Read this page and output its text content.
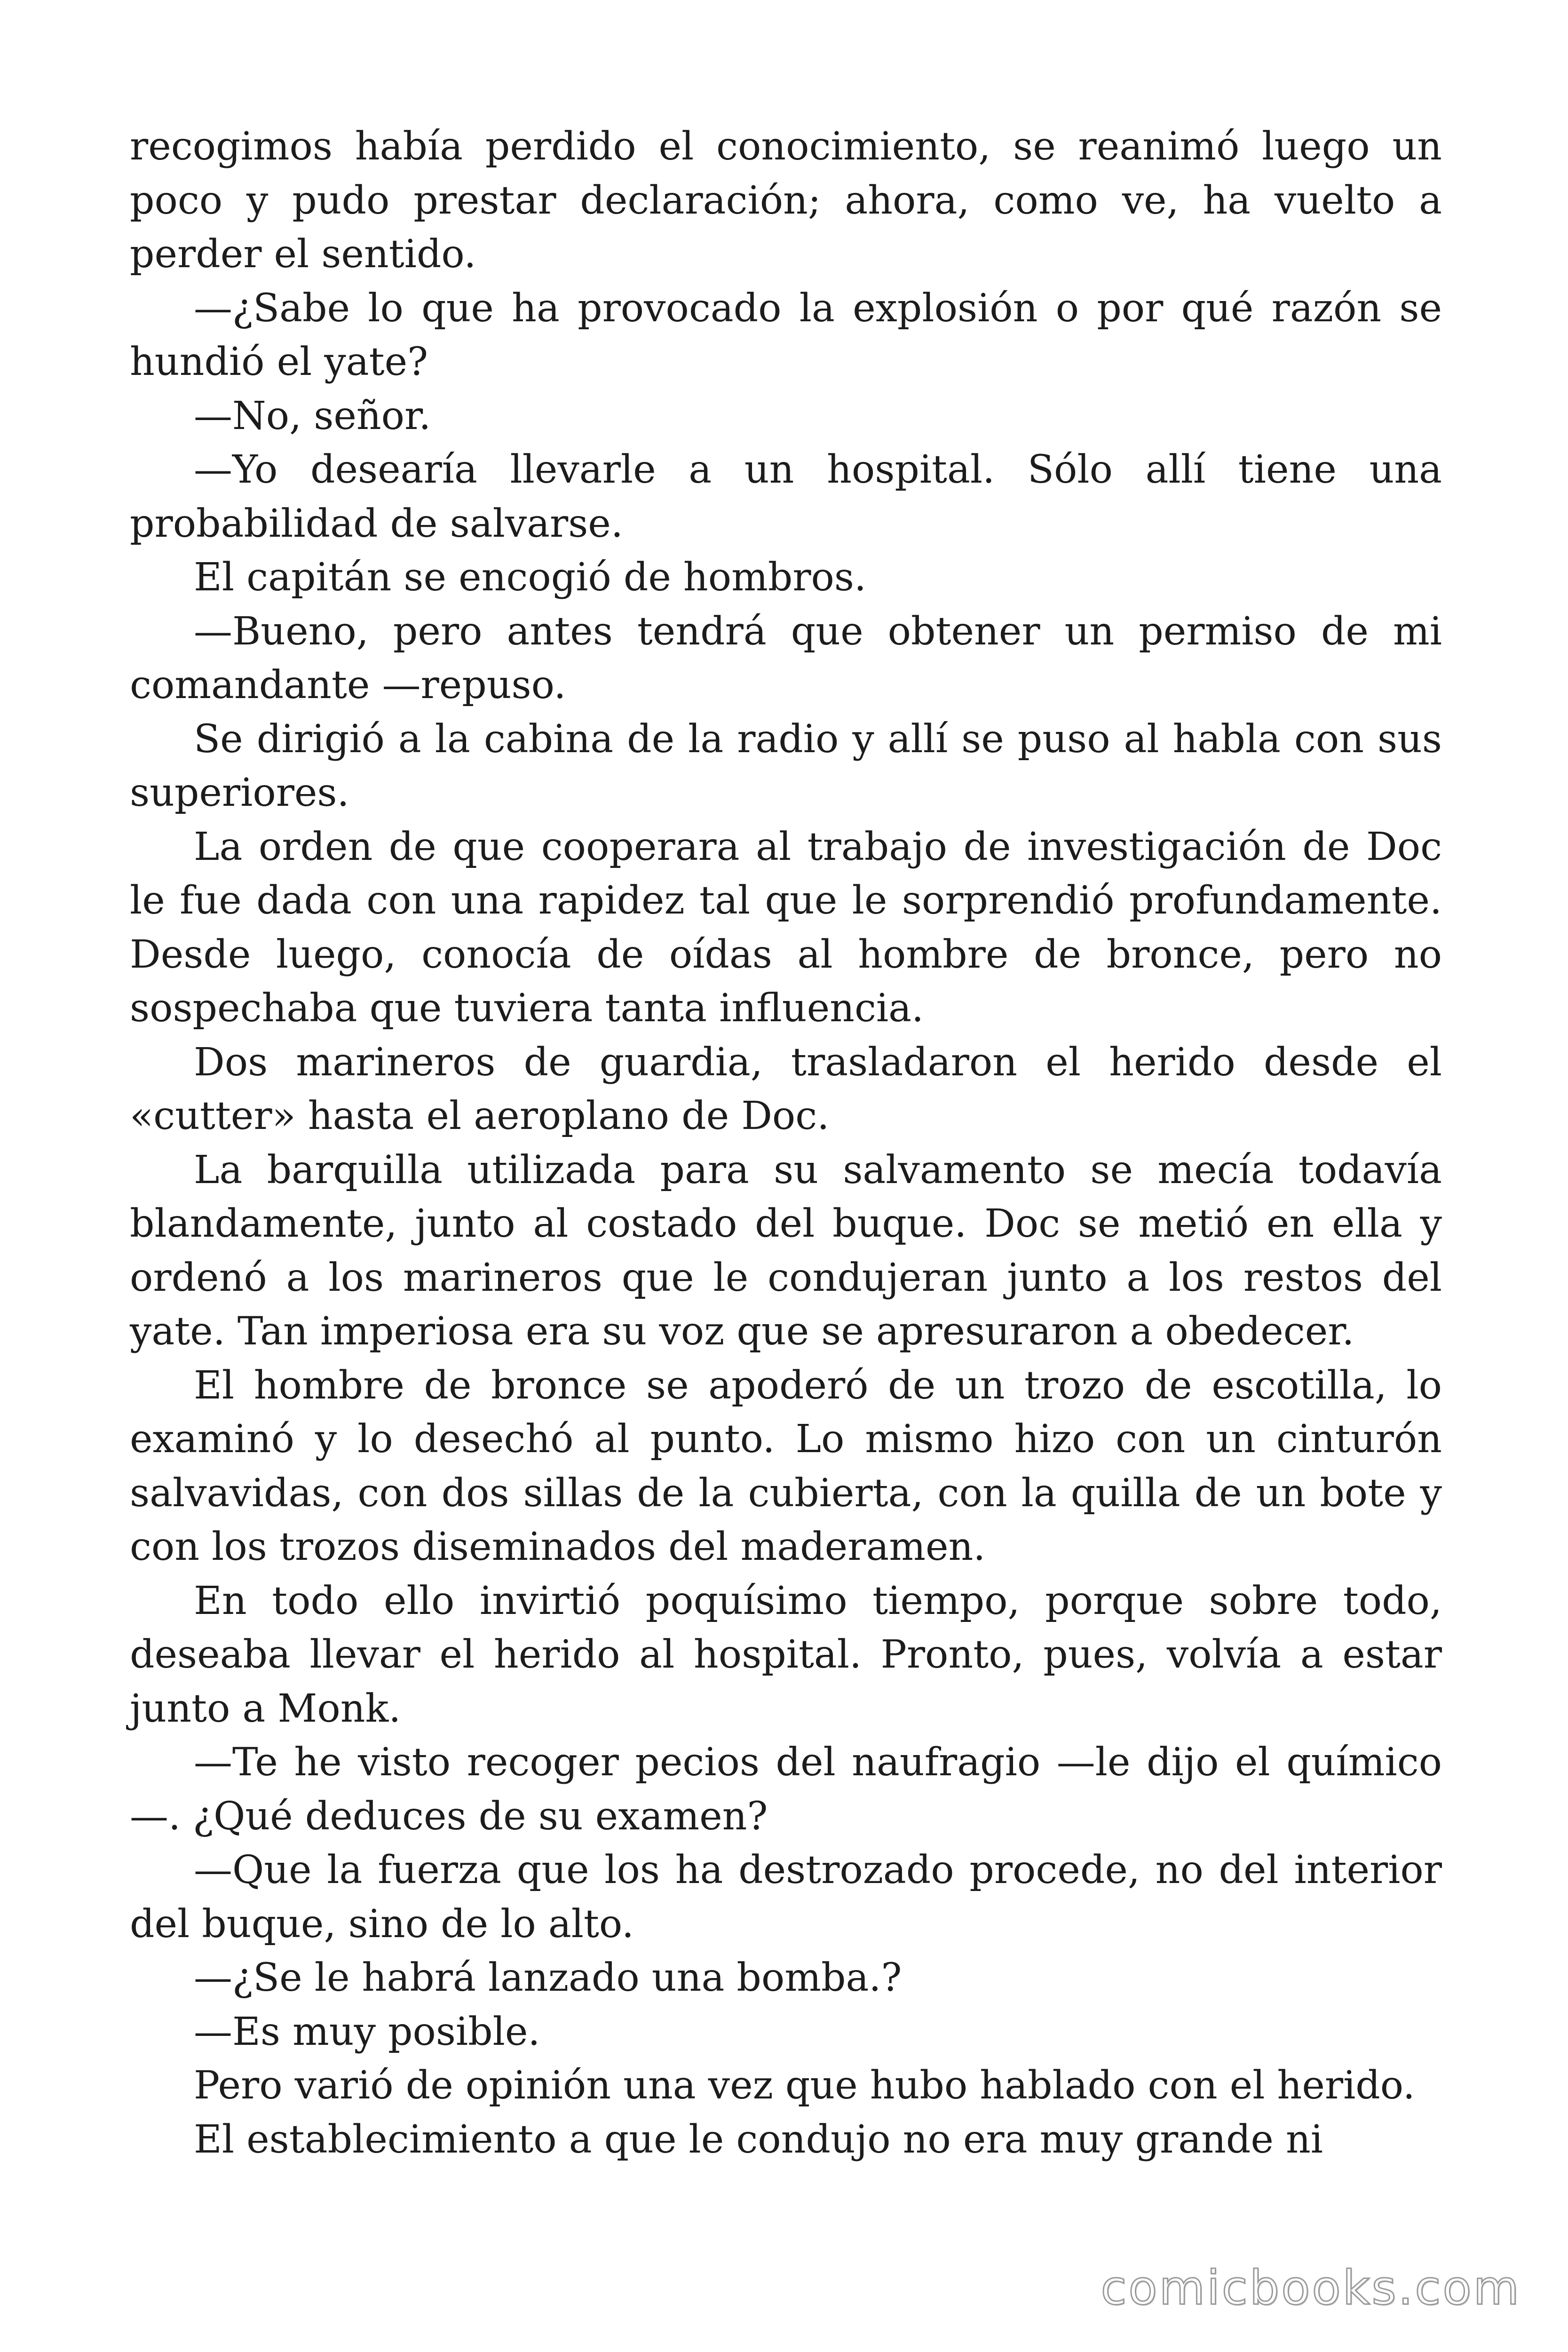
recogimos había perdido el conocimiento, se reanimó luego un poco y pudo prestar declaración; ahora, como ve, ha vuelto a perder el sentido.

—¿Sabe lo que ha provocado la explosión o por qué razón se hundió el yate?

—No, señor.

—Yo desearía llevarle a un hospital. Sólo allí tiene una probabilidad de salvarse.

El capitán se encogió de hombros.

—Bueno, pero antes tendrá que obtener un permiso de mi comandante —repuso.

Se dirigió a la cabina de la radio y allí se puso al habla con sus superiores.

La orden de que cooperara al trabajo de investigación de Doc le fue dada con una rapidez tal que le sorprendió profundamente. Desde luego, conocía de oídas al hombre de bronce, pero no sospechaba que tuviera tanta influencia.

Dos marineros de guardia, trasladaron el herido desde el «cutter» hasta el aeroplano de Doc.

La barquilla utilizada para su salvamento se mecía todavía blandamente, junto al costado del buque. Doc se metió en ella y ordenó a los marineros que le condujeran junto a los restos del yate. Tan imperiosa era su voz que se apresuraron a obedecer.

El hombre de bronce se apoderó de un trozo de escotilla, lo examinó y lo desechó al punto. Lo mismo hizo con un cinturón salvavidas, con dos sillas de la cubierta, con la quilla de un bote y con los trozos diseminados del maderamen.

En todo ello invirtió poquísimo tiempo, porque sobre todo, deseaba llevar el herido al hospital. Pronto, pues, volvía a estar junto a Monk.

—Te he visto recoger pecios del naufragio —le dijo el químico —. ¿Qué deduces de su examen?

—Que la fuerza que los ha destrozado procede, no del interior del buque, sino de lo alto.

—¿Se le habrá lanzado una bomba.?

—Es muy posible.

Pero varió de opinión una vez que hubo hablado con el herido.

El establecimiento a que le condujo no era muy grande ni

comicbooks.com
